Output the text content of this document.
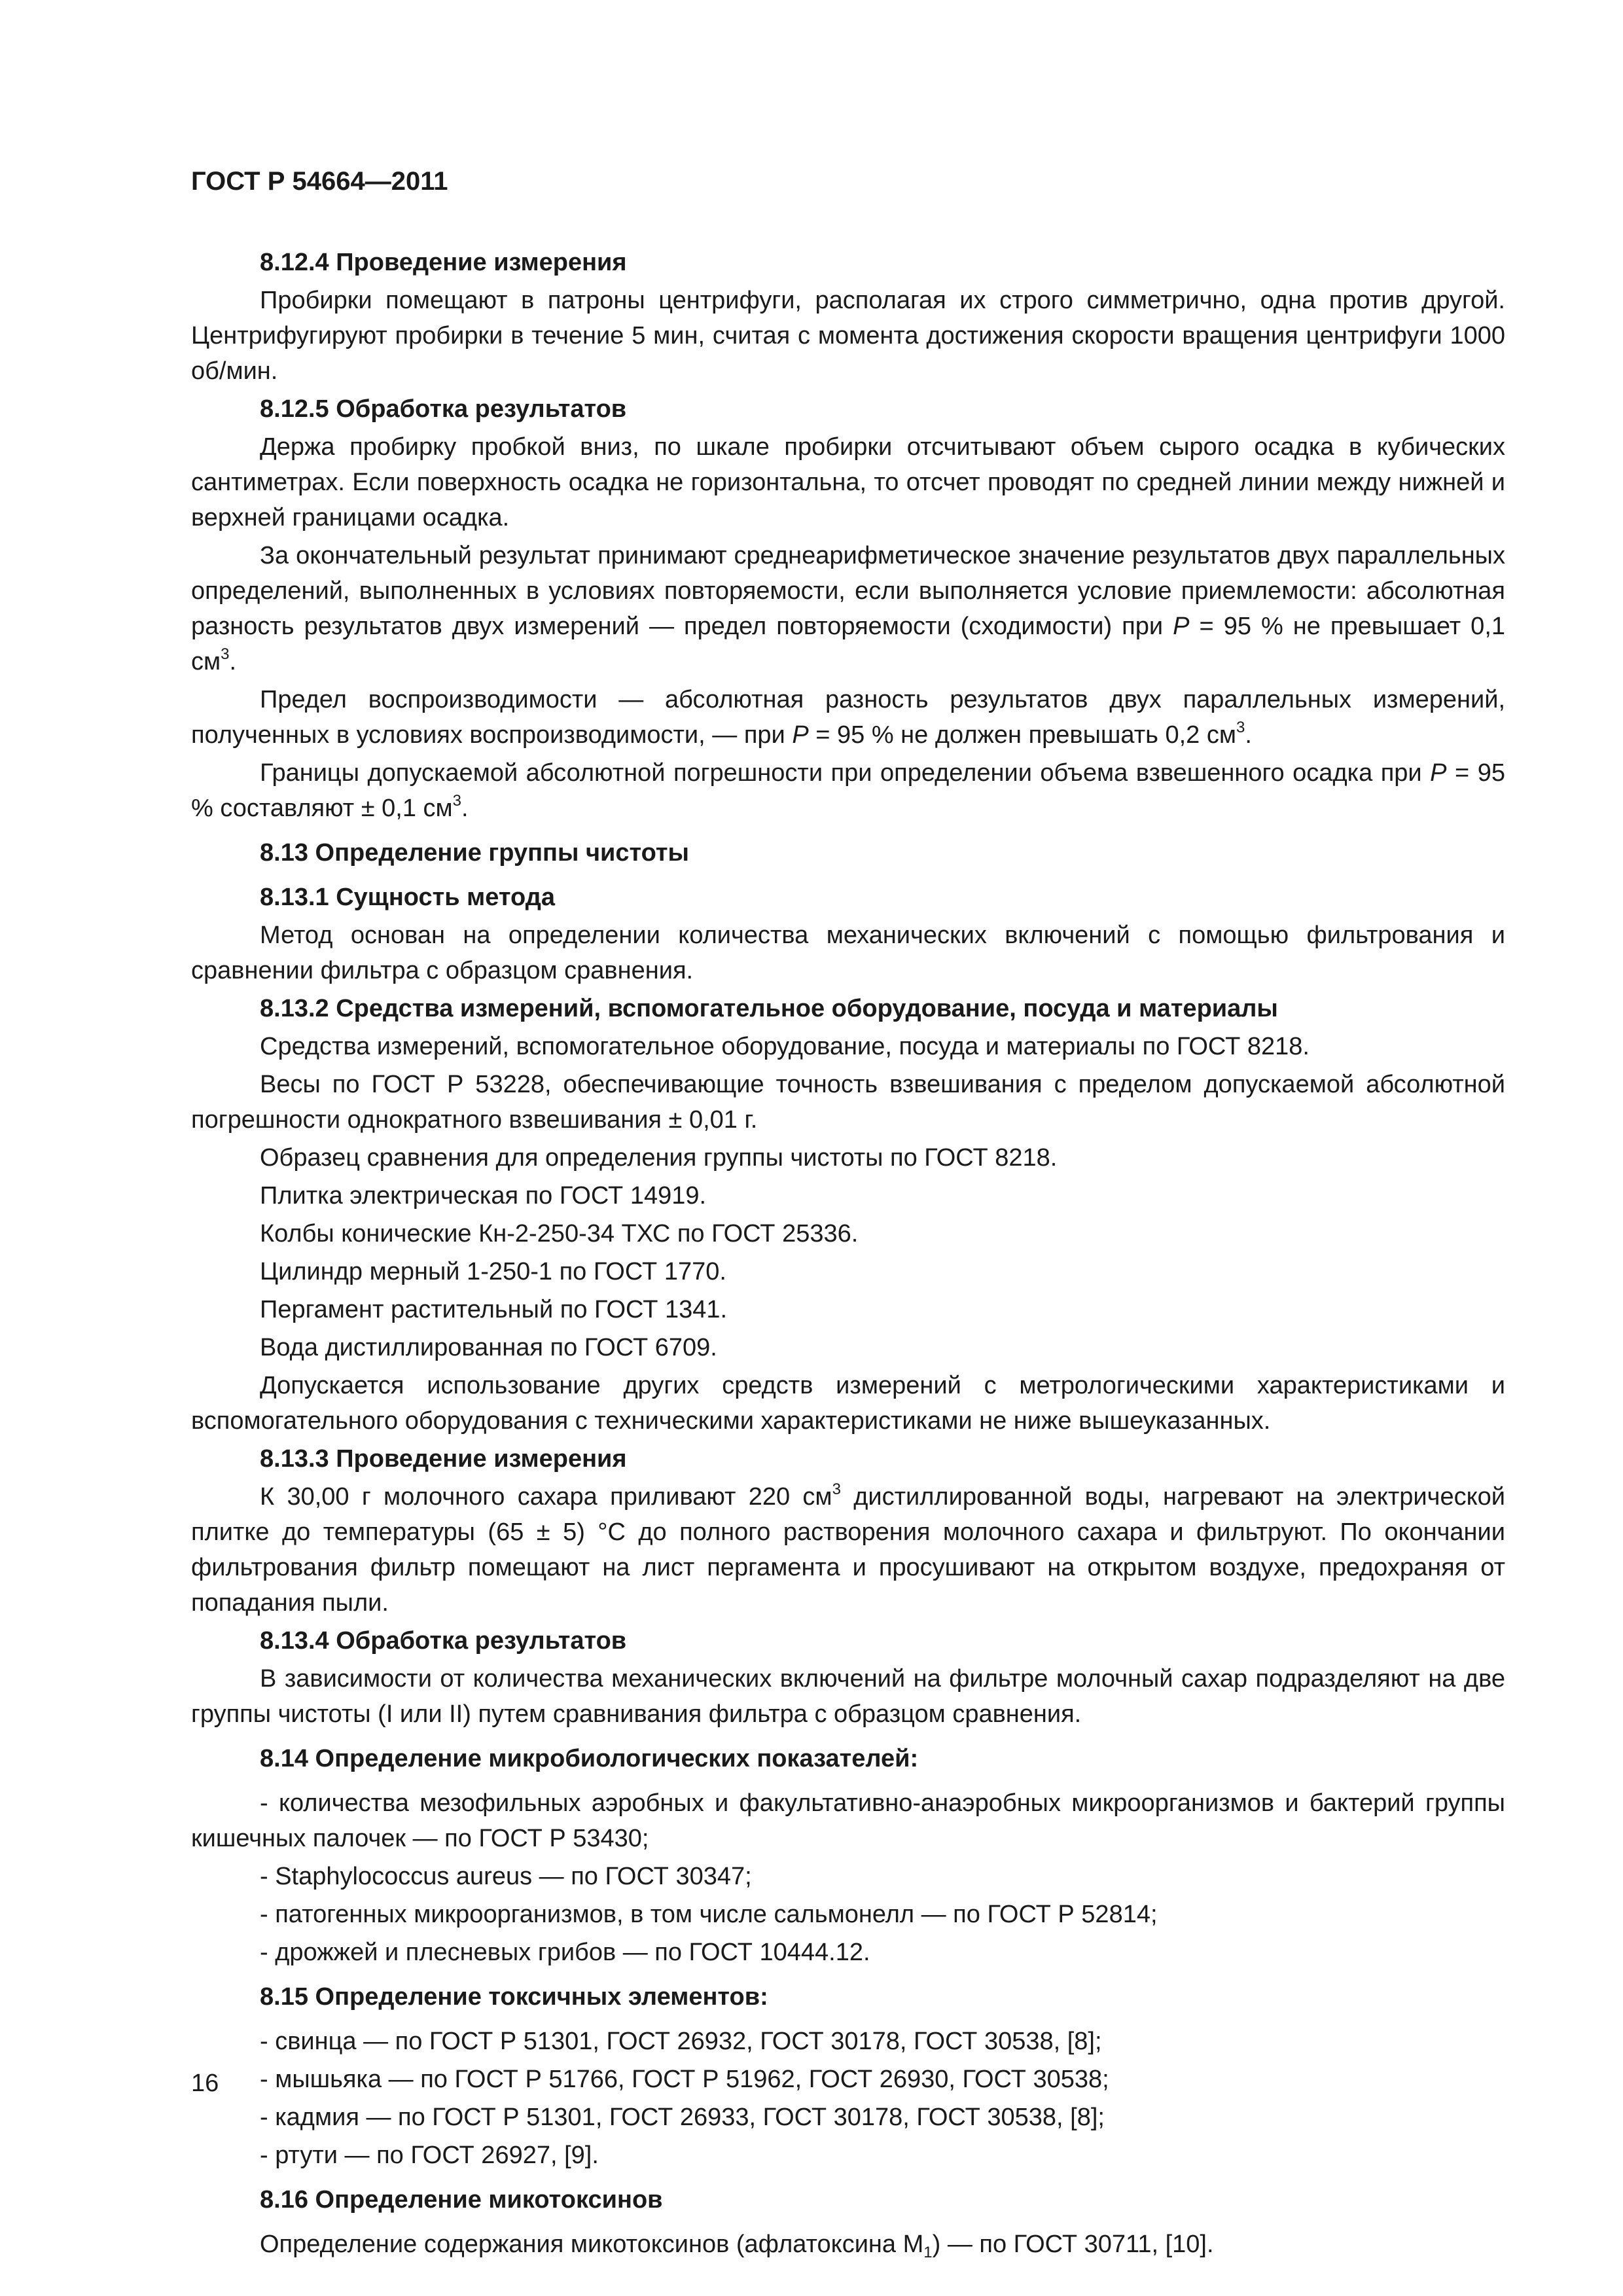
ГОСТ Р 54664—2011

8.12.4 Проведение измерения

Пробирки помещают в патроны центрифуги, располагая их строго симметрично, одна против другой. Центрифугируют пробирки в течение 5 мин, считая с момента достижения скорости вращения центрифуги 1000 об/мин.

8.12.5 Обработка результатов

Держа пробирку пробкой вниз, по шкале пробирки отсчитывают объем сырого осадка в кубических сантиметрах. Если поверхность осадка не горизонтальна, то отсчет проводят по средней линии между нижней и верхней границами осадка.

За окончательный результат принимают среднеарифметическое значение результатов двух параллельных определений, выполненных в условиях повторяемости, если выполняется условие приемлемости: абсолютная разность результатов двух измерений — предел повторяемости (сходимости) при P = 95 % не превышает 0,1 $см^3$.

Предел воспроизводимости — абсолютная разность результатов двух параллельных измерений, полученных в условиях воспроизводимости, — при P = 95 % не должен превышать 0,2 $см^3$.

Границы допускаемой абсолютной погрешности при определении объема взвешенного осадка при P = 95 % составляют ± 0,1 $см^3$.

8.13 Определение группы чистоты

8.13.1 Сущность метода

Метод основан на определении количества механических включений с помощью фильтрования и сравнении фильтра с образцом сравнения.

8.13.2 Средства измерений, вспомогательное оборудование, посуда и материалы

Средства измерений, вспомогательное оборудование, посуда и материалы по ГОСТ 8218.

Весы по ГОСТ Р 53228, обеспечивающие точность взвешивания с пределом допускаемой абсолютной погрешности однократного взвешивания ± 0,01 г.

Образец сравнения для определения группы чистоты по ГОСТ 8218.

Плитка электрическая по ГОСТ 14919.

Колбы конические Кн-2-250-34 ТХС по ГОСТ 25336.

Цилиндр мерный 1-250-1 по ГОСТ 1770.

Пергамент растительный по ГОСТ 1341.

Вода дистиллированная по ГОСТ 6709.

Допускается использование других средств измерений с метрологическими характеристиками и вспомогательного оборудования с техническими характеристиками не ниже вышеуказанных.

8.13.3 Проведение измерения

К 30,00 г молочного сахара приливают 220 $см^3$ дистиллированной воды, нагревают на электрической плитке до температуры (65 ± 5) °С до полного растворения молочного сахара и фильтруют. По окончании фильтрования фильтр помещают на лист пергамента и просушивают на открытом воздухе, предохраняя от попадания пыли.

8.13.4 Обработка результатов

В зависимости от количества механических включений на фильтре молочный сахар подразделяют на две группы чистоты (I или II) путем сравнивания фильтра с образцом сравнения.

8.14 Определение микробиологических показателей:

- количества мезофильных аэробных и факультативно-анаэробных микроорганизмов и бактерий группы кишечных палочек — по ГОСТ Р 53430;

- Staphylococcus aureus — по ГОСТ 30347;

- патогенных микроорганизмов, в том числе сальмонелл — по ГОСТ Р 52814;

- дрожжей и плесневых грибов — по ГОСТ 10444.12.

8.15 Определение токсичных элементов:

- свинца — по ГОСТ Р 51301, ГОСТ 26932, ГОСТ 30178, ГОСТ 30538, [8];

- мышьяка — по ГОСТ Р 51766, ГОСТ Р 51962, ГОСТ 26930, ГОСТ 30538;

- кадмия — по ГОСТ Р 51301, ГОСТ 26933, ГОСТ 30178, ГОСТ 30538, [8];

- ртути — по ГОСТ 26927, [9].

8.16 Определение микотоксинов

Определение содержания микотоксинов (афлатоксина $М_1$) — по ГОСТ 30711, [10].

16
